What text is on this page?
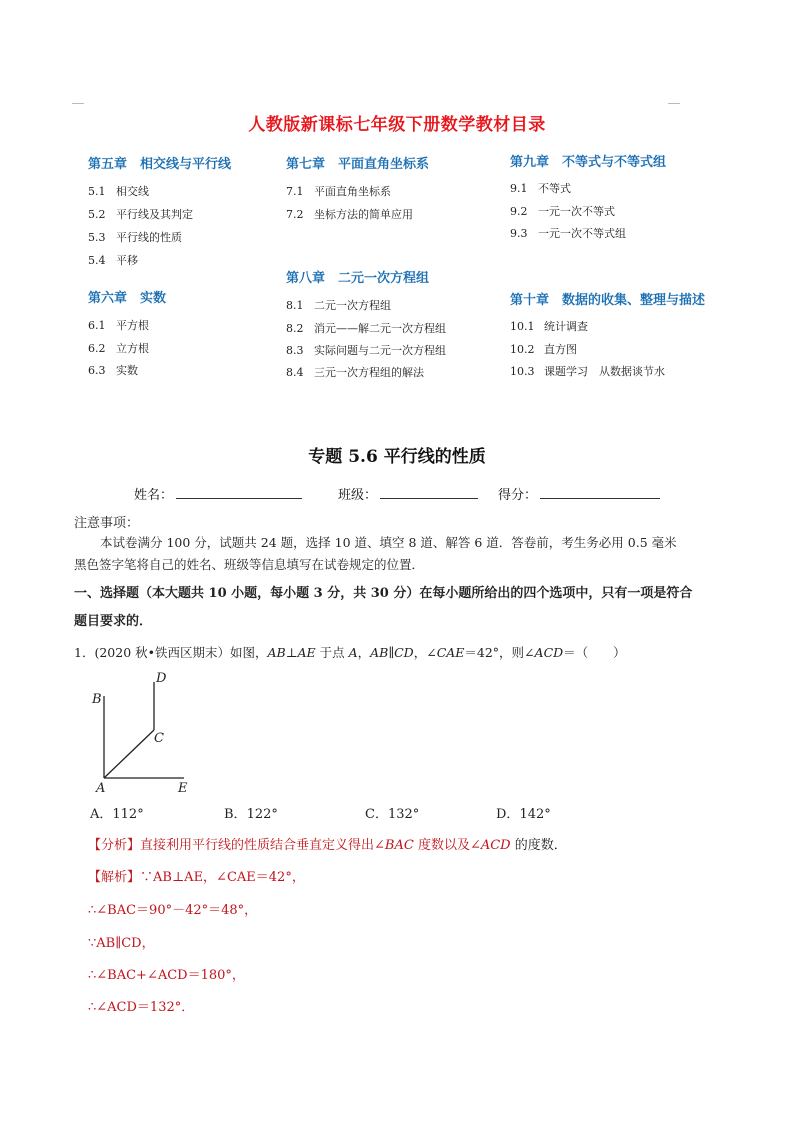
人教版新课标七年级下册数学教材目录
第五章　相交线与平行线
5.1 相交线
5.2 平行线及其判定
5.3 平行线的性质
5.4 平移
第六章　实数
6.1 平方根
6.2 立方根
6.3 实数
第七章　平面直角坐标系
7.1 平面直角坐标系
7.2 坐标方法的简单应用
第八章　二元一次方程组
8.1 二元一次方程组
8.2 消元——解二元一次方程组
8.3 实际问题与二元一次方程组
8.4 三元一次方程组的解法
第九章　不等式与不等式组
9.1 不等式
9.2 一元一次不等式
9.3 一元一次不等式组
第十章　数据的收集、整理与描述
10.1 统计调查
10.2 直方图
10.3 课题学习　从数据谈节水
专题 5.6 平行线的性质
姓名：	班级：	得分：
注意事项：
本试卷满分 100 分，试题共 24 题，选择 10 道、填空 8 道、解答 6 道．答卷前，考生务必用 0.5 毫米
黑色签字笔将自己的姓名、班级等信息填写在试卷规定的位置．
一、选择题（本大题共 10 小题，每小题 3 分，共 30 分）在每小题所给出的四个选项中，只有一项是符合
题目要求的．
1．(2020 秋•铁西区期末）如图，AB⊥AE 于点 A，AB∥CD，∠CAE＝42°，则∠ACD＝（　　）
B
D
C
A	E
A．112°	B．122°	C．132°	D．142°
【分析】直接利用平行线的性质结合垂直定义得出∠BAC 度数以及∠ACD 的度数．
【解析】∵AB⊥AE，∠CAE＝42°，
∴∠BAC＝90°－42°＝48°，
∵AB∥CD，
∴∠BAC+∠ACD＝180°，
∴∠ACD＝132°．
